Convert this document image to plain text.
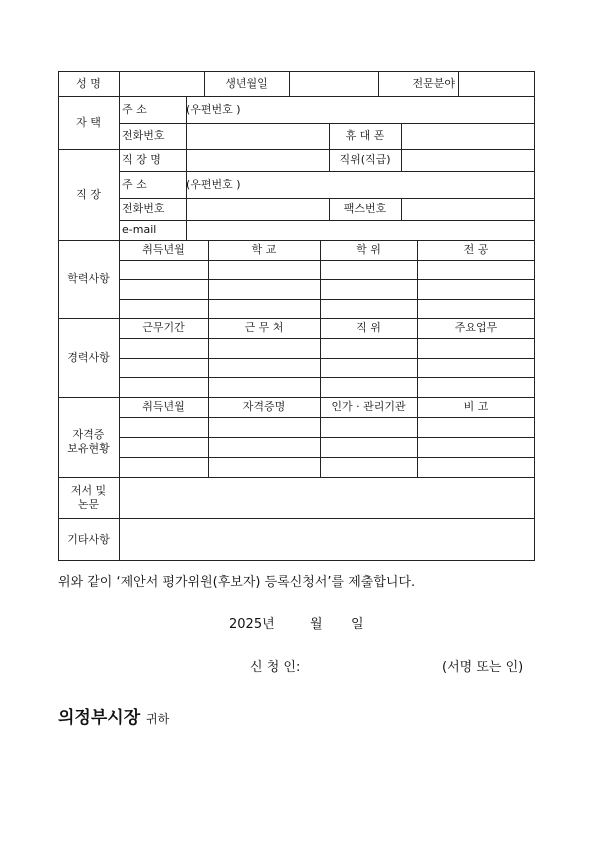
성 명	생년월일	전문분야
자 택
주 소	(우편번호 )
전화번호	휴 대 폰
직 장
직 장 명	직위(직급)
주 소	(우편번호 )
전화번호	팩스번호
e-mail
학력사항
취득년월	학 교	학 위	전 공
경력사항
근무기간	근 무 처	직 위	주요업무
자격증
보유현황
취득년월	자격증명	인가 · 관리기관	비 고
저서 및
논문
기타사항
위와 같이 ‘제안서 평가위원(후보자) 등록신청서’를 제출합니다.
2025년	월 일
신 청 인:	(서명 또는 인)
의정부시장 귀하
